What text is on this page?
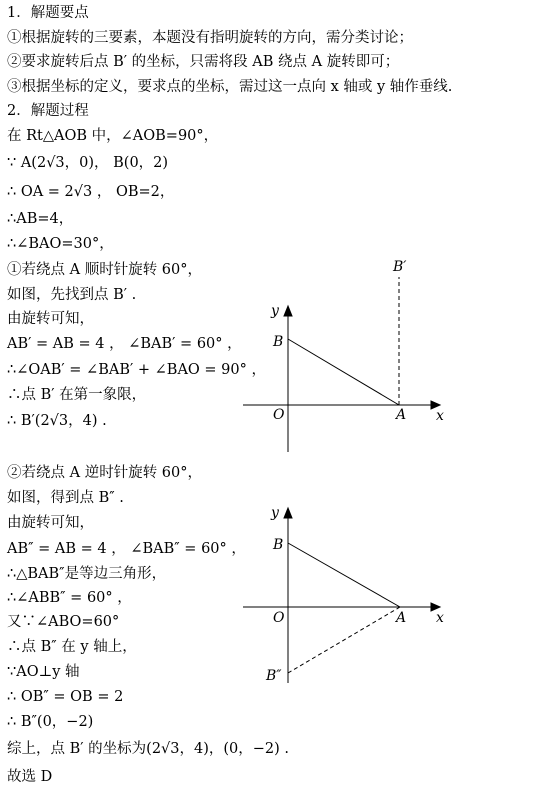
1．解题要点
①根据旋转的三要素，本题没有指明旋转的方向，需分类讨论；
②要求旋转后点 B′ 的坐标，只需将段 AB 绕点 A 旋转即可；
③根据坐标的定义，要求点的坐标，需过这一点向 x 轴或 y 轴作垂线.
2．解题过程
在 Rt△AOB 中，∠AOB=90°，
∵ A(2√3，0)， B(0，2)
∴ OA = 2√3 ， OB=2，
∴AB=4，
∴∠BAO=30°，
①若绕点 A 顺时针旋转 60°，
如图，先找到点 B′ .
由旋转可知，
AB′ = AB = 4 ， ∠BAB′ = 60° ，
∴∠OAB′ = ∠BAB′ + ∠BAO = 90° ，
∴点 B′ 在第一象限，
∴ B′(2√3，4) .
②若绕点 A 逆时针旋转 60°，
如图，得到点 B″ .
由旋转可知，
AB″ = AB = 4 ， ∠BAB″ = 60° ，
∴△BAB″是等边三角形，
∴∠ABB″ = 60° ，
又∵∠ABO=60°
∴点 B″ 在 y 轴上，
∵AO⊥y 轴
∴ OB″ = OB = 2
∴ B″(0，−2)
综上，点 B′ 的坐标为(2√3，4)，(0，−2) .
故选 D
y
x
O
B
A
B′
y
x
O
B
A
B″
